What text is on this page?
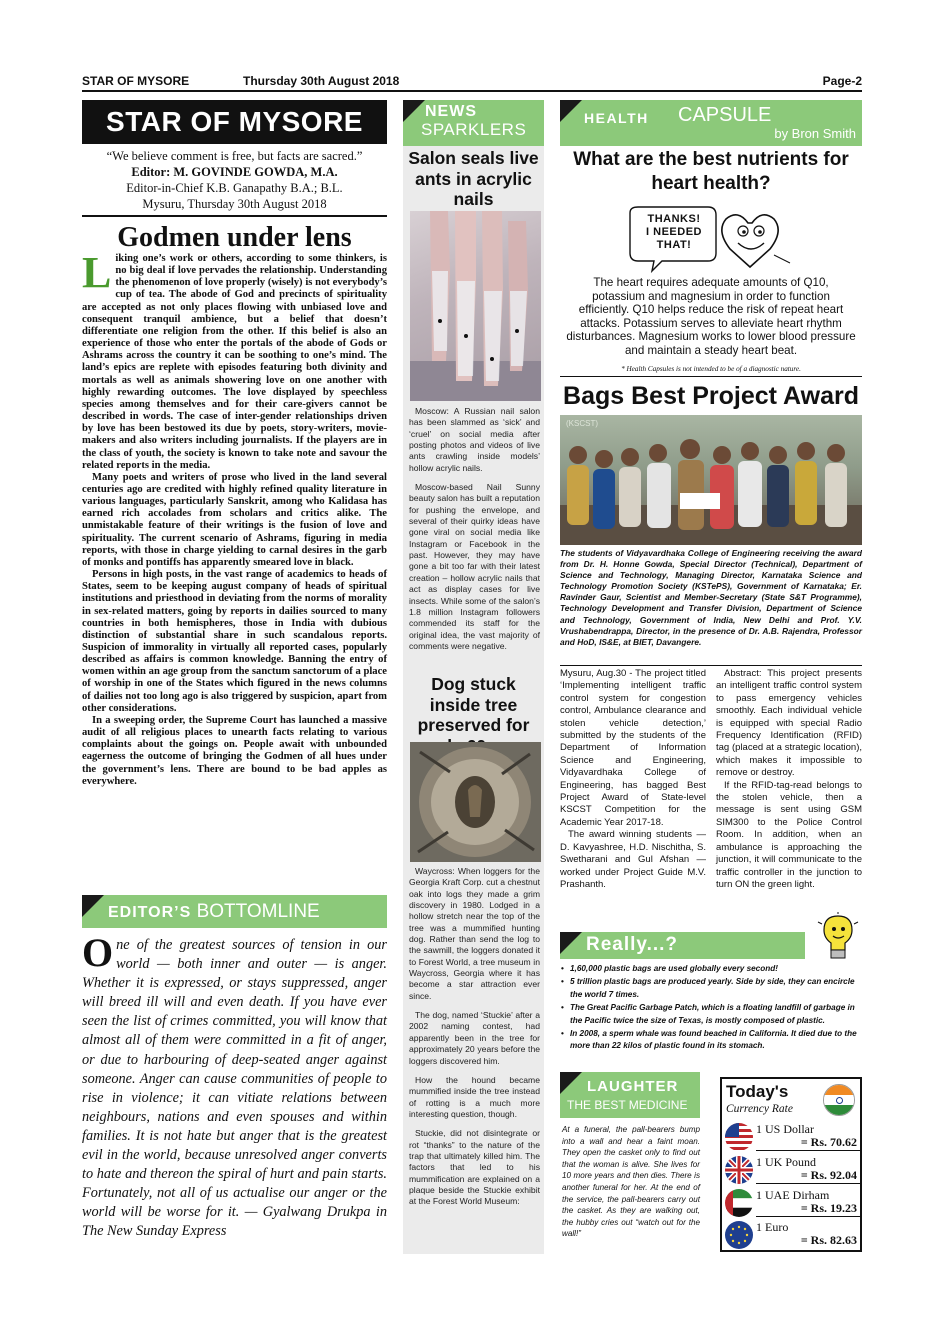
STAR OF MYSORE	Thursday 30th August 2018	Page-2
STAR OF MYSORE
“We believe comment is free, but facts are sacred.”
Editor: M. GOVINDE GOWDA, M.A.
Editor-in-Chief K.B. Ganapathy B.A.; B.L.
Mysuru, Thursday 30th August 2018
Godmen under lens

Liking one’s work or others, according to some thinkers, is no big deal if love pervades the relationship. Understanding the phenomenon of love properly (wisely) is not everybody’s cup of tea. The abode of God and precincts of spirituality are accepted as not only places flowing with unbiased love and consequent tranquil ambience, but a belief that doesn’t differentiate one religion from the other. If this belief is also an experience of those who enter the portals of the abode of Gods or Ashrams across the country it can be soothing to one’s mind. The land’s epics are replete with episodes featuring both divinity and mortals as well as animals showering love on one another with highly rewarding outcomes. The love displayed by speechless species among themselves and for their care-givers cannot be described in words. The case of inter-gender relationships driven by love has been bestowed its due by poets, story-writers, movie-makers and also writers including journalists. If the players are in the class of youth, the society is known to take note and savour the related reports in the media.

Many poets and writers of prose who lived in the land several centuries ago are credited with highly refined quality literature in various languages, particularly Sanskrit, among who Kalidasa has earned rich accolades from scholars and critics alike. The unmistakable feature of their writings is the fusion of love and spirituality. The current scenario of Ashrams, figuring in media reports, with those in charge yielding to carnal desires in the garb of monks and pontiffs has apparently smeared love in black.

Persons in high posts, in the vast range of academics to heads of States, seem to be keeping august company of heads of spiritual institutions and priesthood in deviating from the norms of morality in sex-related matters, going by reports in dailies sourced to many countries in both hemispheres, those in India with dubious distinction of substantial share in such scandalous reports. Suspicion of immorality in virtually all reported cases, popularly described as affairs is common knowledge. Banning the entry of women within an age group from the sanctum sanctorum of a place of worship in one of the States which figured in the news columns of dailies not too long ago is also triggered by suspicion, apart from other considerations.

In a sweeping order, the Supreme Court has launched a massive audit of all religious places to unearth facts relating to various complaints about the goings on. People await with unbounded eagerness the outcome of bringing the Godmen of all hues under the government’s lens. There are bound to be bad apples as everywhere.

EDITOR’S BOTTOMLINE
One of the greatest sources of tension in our world — both inner and outer — is anger. Whether it is expressed, or stays suppressed, anger will breed ill will and even death. If you have ever seen the list of crimes committed, you will know that almost all of them were committed in a fit of anger, or due to harbouring of deep-seated anger against someone. Anger can cause communities of people to rise in violence; it can vitiate relations between neighbours, nations and even spouses and within families. It is not hate but anger that is the greatest evil in the world, because unresolved anger converts to hate and thereon the spiral of hurt and pain starts. Fortunately, not all of us actualise our anger or the world will be worse for it. — Gyalwang Drukpa in The New Sunday Express
NEWS
SPARKLERS
Salon seals live ants in acrylic nails

Moscow: A Russian nail salon has been slammed as ‘sick’ and ‘cruel’ on social media after posting photos and videos of live ants crawling inside models’ hollow acrylic nails.

Moscow-based Nail Sunny beauty salon has built a reputation for pushing the envelope, and several of their quirky ideas have gone viral on social media like Instagram or Facebook in the past. However, they may have gone a bit too far with their latest creation – hollow acrylic nails that act as display cases for live insects. While some of the salon’s 1.8 million Instagram followers commended its staff for the original idea, the vast majority of comments were negative.

Dog stuck inside tree preserved for

Waycross: When loggers for the Georgia Kraft Corp. cut a chestnut oak into logs they made a grim discovery in 1980. Lodged in a hollow stretch near the top of the tree was a mummified hunting dog. Rather than send the log to the sawmill, the loggers donated it to Forest World, a tree museum in Waycross, Georgia where it has become a star attraction ever since.

The dog, named ‘Stuckie’ after a 2002 naming contest, had apparently been in the tree for approximately 20 years before the loggers discovered him.

How the hound became mummified inside the tree instead of rotting is a much more interesting question, though.

Stuckie, did not disintegrate or rot “thanks” to the nature of the trap that ultimately killed him. The factors that led to his mummification are explained on a plaque beside the Stuckie exhibit at the Forest World Museum:

HEALTH CAPSULE
by Bron Smith
What are the best nutrients for heart health?
THANKS!
I NEEDED
THAT!
The heart requires adequate amounts of Q10, potassium and magnesium in order to function efficiently. Q10 helps reduce the risk of repeat heart attacks. Potassium serves to alleviate heart rhythm disturbances. Magnesium works to lower blood pressure and maintain a steady heart beat.
* Health Capsules is not intended to be of a diagnostic nature.
Bags Best Project Award
(KSCST)
The students of Vidyavardhaka College of Engineering receiving the award from Dr. H. Honne Gowda, Special Director (Technical), Department of Science and Technology, Managing Director, Karnataka Science and Technology Promotion Society (KSTePS), Government of Karnataka; Er. Ravinder Gaur, Scientist and Member-Secretary (State S&T Programme), Technology Development and Transfer Division, Department of Science and Technology, Government of India, New Delhi and Prof. Y.V. Vrushabendrappa, Director, in the presence of Dr. A.B. Rajendra, Professor and HoD, IS&E, at BIET, Davangere.

Mysuru, Aug.30 - The project titled ‘Implementing intelligent traffic control system for congestion control, Ambulance clearance and stolen vehicle detection,’ submitted by the students of the Department of Information Science and Engineering, Vidyavardhaka College of Engineering, has bagged Best Project Award of State-level KSCST Competition for the Academic Year 2017-18.

The award winning students — D. Kavyashree, H.D. Nischitha, S. Swetharani and Gul Afshan — worked under Project Guide M.V. Prashanth.

Abstract: This project presents an intelligent traffic control system to pass emergency vehicles smoothly. Each individual vehicle is equipped with special Radio Frequency Identification (RFID) tag (placed at a strategic location), which makes it impossible to remove or destroy.

If the RFID-tag-read belongs to the stolen vehicle, then a message is sent using GSM SIM300 to the Police Control Room. In addition, when an ambulance is approaching the junction, it will communicate to the traffic controller in the junction to turn ON the green light.

Really...?
• 1,60,000 plastic bags are used globally every second!
• 5 trillion plastic bags are produced yearly. Side by side, they can encircle the world 7 times.
• The Great Pacific Garbage Patch, which is a floating landfill of garbage in the Pacific twice the size of Texas, is mostly composed of plastic.
• In 2008, a sperm whale was found beached in California. It died due to the more than 22 kilos of plastic found in its stomach.
LAUGHTER
THE BEST MEDICINE
At a funeral, the pall-bearers bump into a wall and hear a faint moan. They open the casket only to find out that the woman is alive. She lives for 10 more years and then dies. There is another funeral for her. At the end of the service, the pall-bearers carry out the casket. As they are walking out, the hubby cries out “watch out for the wall!”
Today's
Currency Rate
1 US Dollar
= Rs. 70.62
1 UK Pound
= Rs. 92.04
1 UAE Dirham
= Rs. 19.23
1 Euro
= Rs. 82.63
